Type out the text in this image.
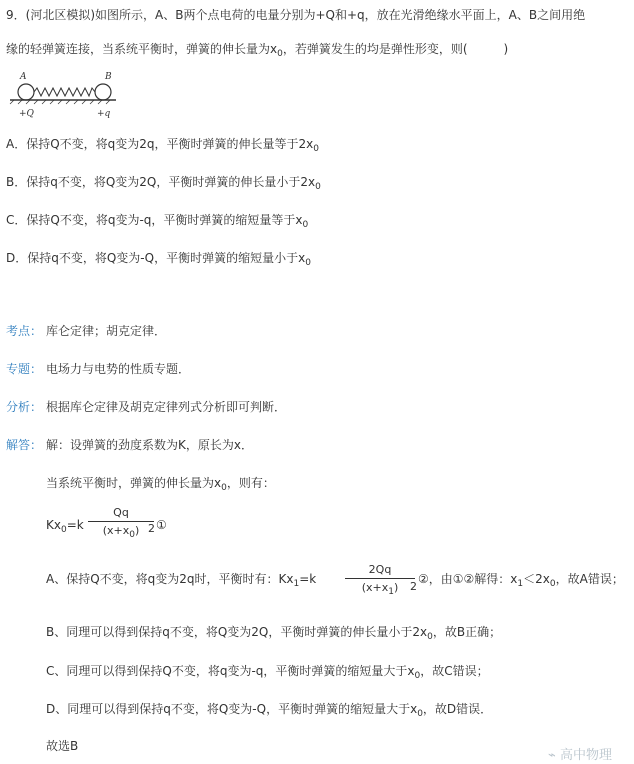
9．(河北区模拟)如图所示，A、B两个点电荷的电量分别为+Q和+q，放在光滑绝缘水平面上，A、B之间用绝
缘的轻弹簧连接，当系统平衡时，弹簧的伸长量为$x_0$，若弹簧发生的均是弹性形变，则(　　　)
A	B
+Q	+q
A．保持Q不变，将q变为2q，平衡时弹簧的伸长量等于$2x_0$
B．保持q不变，将Q变为2Q，平衡时弹簧的伸长量小于$2x_0$
C．保持Q不变，将q变为-q，平衡时弹簧的缩短量等于$x_0$
D．保持q不变，将Q变为-Q，平衡时弹簧的缩短量小于$x_0$
考点： 库仑定律；胡克定律．
专题： 电场力与电势的性质专题．
分析： 根据库仑定律及胡克定律列式分析即可判断．
解答： 解：设弹簧的劲度系数为K，原长为x．
当系统平衡时，弹簧的伸长量为$x_0$，则有：
$Kx_0=k$
Qq
$(x+x_0)$ 2 ①
A、保持Q不变，将q变为2q时，平衡时有：$Kx_1=k$
2Qq
$(x+x_1)$	2
②，由①②解得：$x_1<2x_0$，故A错误；
B、同理可以得到保持q不变，将Q变为2Q，平衡时弹簧的伸长量小于$2x_0$，故B正确；
C、同理可以得到保持Q不变，将q变为-q，平衡时弹簧的缩短量大于$x_0$，故C错误；
D、同理可以得到保持q不变，将Q变为-Q，平衡时弹簧的缩短量大于$x_0$，故D错误．
故选B
⌁ 高中物理
